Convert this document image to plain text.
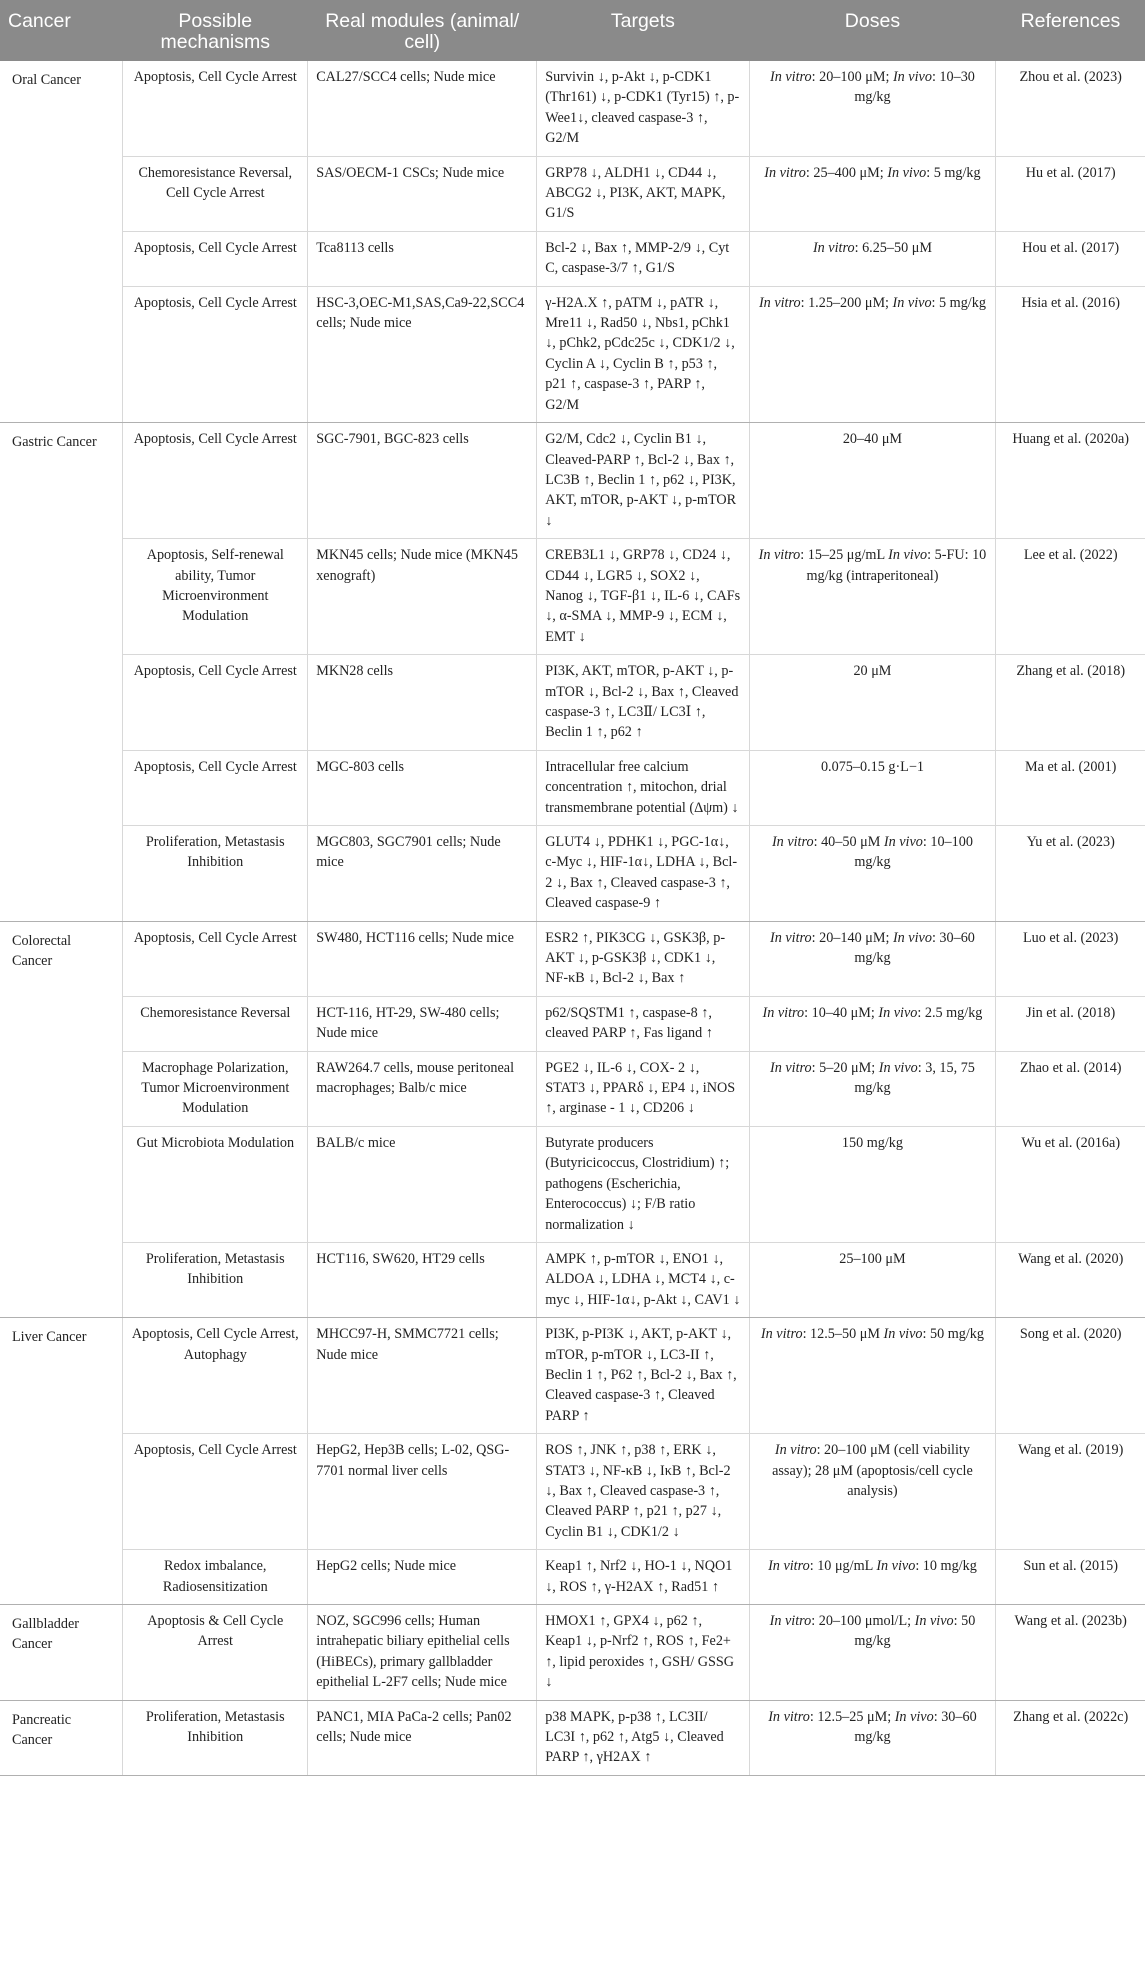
Cancer	Possible mechanisms	Real modules (animal/ cell)	Targets	Doses	References
Oral Cancer	Apoptosis, Cell Cycle Arrest	CAL27/SCC4 cells; Nude mice	Survivin ↓, p-Akt ↓, p-CDK1 (Thr161) ↓, p-CDK1 (Tyr15) ↑, p-Wee1↓, cleaved caspase-3 ↑, G2/M	In vitro: 20–100 μM; In vivo: 10–30 mg/kg	Zhou et al. (2023)
	Chemoresistance Reversal, Cell Cycle Arrest	SAS/OECM-1 CSCs; Nude mice	GRP78 ↓, ALDH1 ↓, CD44 ↓, ABCG2 ↓, PI3K, AKT, MAPK, G1/S	In vitro: 25–400 μM; In vivo: 5 mg/kg	Hu et al. (2017)
	Apoptosis, Cell Cycle Arrest	Tca8113 cells	Bcl-2 ↓, Bax ↑, MMP-2/9 ↓, Cyt C, caspase-3/7 ↑, G1/S	In vitro: 6.25–50 μM	Hou et al. (2017)
	Apoptosis, Cell Cycle Arrest	HSC-3,OEC-M1,SAS,Ca9-22,SCC4 cells; Nude mice	γ-H2A.X ↑, pATM ↓, pATR ↓, Mre11 ↓, Rad50 ↓, Nbs1, pChk1 ↓, pChk2, pCdc25c ↓, CDK1/2 ↓, Cyclin A ↓, Cyclin B ↑, p53 ↑, p21 ↑, caspase-3 ↑, PARP ↑, G2/M	In vitro: 1.25–200 μM; In vivo: 5 mg/kg	Hsia et al. (2016)
Gastric Cancer	Apoptosis, Cell Cycle Arrest	SGC-7901, BGC-823 cells	G2/M, Cdc2 ↓, Cyclin B1 ↓, Cleaved-PARP ↑, Bcl-2 ↓, Bax ↑, LC3B ↑, Beclin 1 ↑, p62 ↓, PI3K, AKT, mTOR, p-AKT ↓, p-mTOR ↓	20–40 μM	Huang et al. (2020a)
	Apoptosis, Self-renewal ability, Tumor Microenvironment Modulation	MKN45 cells; Nude mice (MKN45 xenograft)	CREB3L1 ↓, GRP78 ↓, CD24 ↓, CD44 ↓, LGR5 ↓, SOX2 ↓, Nanog ↓, TGF-β1 ↓, IL-6 ↓, CAFs ↓, α-SMA ↓, MMP-9 ↓, ECM ↓, EMT ↓	In vitro: 15–25 μg/mL In vivo: 5-FU: 10 mg/kg (intraperitoneal)	Lee et al. (2022)
	Apoptosis, Cell Cycle Arrest	MKN28 cells	PI3K, AKT, mTOR, p-AKT ↓, p-mTOR ↓, Bcl-2 ↓, Bax ↑, Cleaved caspase-3 ↑, LC3Ⅱ/ LC3Ⅰ ↑, Beclin 1 ↑, p62 ↑	20 μM	Zhang et al. (2018)
	Apoptosis, Cell Cycle Arrest	MGC-803 cells	Intracellular free calcium concentration ↑, mitochon, drial transmembrane potential (Δψm) ↓	0.075–0.15 g·L−1	Ma et al. (2001)
	Proliferation, Metastasis Inhibition	MGC803, SGC7901 cells; Nude mice	GLUT4 ↓, PDHK1 ↓, PGC-1α↓, c-Myc ↓, HIF-1α↓, LDHA ↓, Bcl-2 ↓, Bax ↑, Cleaved caspase-3 ↑, Cleaved caspase-9 ↑	In vitro: 40–50 μM In vivo: 10–100 mg/kg	Yu et al. (2023)
Colorectal Cancer	Apoptosis, Cell Cycle Arrest	SW480, HCT116 cells; Nude mice	ESR2 ↑, PIK3CG ↓, GSK3β, p-AKT ↓, p-GSK3β ↓, CDK1 ↓, NF-κB ↓, Bcl-2 ↓, Bax ↑	In vitro: 20–140 μM; In vivo: 30–60 mg/kg	Luo et al. (2023)
	Chemoresistance Reversal	HCT-116, HT-29, SW-480 cells; Nude mice	p62/SQSTM1 ↑, caspase-8 ↑, cleaved PARP ↑, Fas ligand ↑	In vitro: 10–40 μM; In vivo: 2.5 mg/kg	Jin et al. (2018)
	Macrophage Polarization, Tumor Microenvironment Modulation	RAW264.7 cells, mouse peritoneal macrophages; Balb/c mice	PGE2 ↓, IL-6 ↓, COX- 2 ↓, STAT3 ↓, PPARδ ↓, EP4 ↓, iNOS ↑, arginase - 1 ↓, CD206 ↓	In vitro: 5–20 μM; In vivo: 3, 15, 75 mg/kg	Zhao et al. (2014)
	Gut Microbiota Modulation	BALB/c mice	Butyrate producers (Butyricicoccus, Clostridium) ↑; pathogens (Escherichia, Enterococcus) ↓; F/B ratio normalization ↓	150 mg/kg	Wu et al. (2016a)
	Proliferation, Metastasis Inhibition	HCT116, SW620, HT29 cells	AMPK ↑, p-mTOR ↓, ENO1 ↓, ALDOA ↓, LDHA ↓, MCT4 ↓, c-myc ↓, HIF-1α↓, p-Akt ↓, CAV1 ↓	25–100 μM	Wang et al. (2020)
Liver Cancer	Apoptosis, Cell Cycle Arrest, Autophagy	MHCC97-H, SMMC7721 cells; Nude mice	PI3K, p-PI3K ↓, AKT, p-AKT ↓, mTOR, p-mTOR ↓, LC3-II ↑, Beclin 1 ↑, P62 ↑, Bcl-2 ↓, Bax ↑, Cleaved caspase-3 ↑, Cleaved PARP ↑	In vitro: 12.5–50 μM In vivo: 50 mg/kg	Song et al. (2020)
	Apoptosis, Cell Cycle Arrest	HepG2, Hep3B cells; L-02, QSG-7701 normal liver cells	ROS ↑, JNK ↑, p38 ↑, ERK ↓, STAT3 ↓, NF-κB ↓, IκB ↑, Bcl-2 ↓, Bax ↑, Cleaved caspase-3 ↑, Cleaved PARP ↑, p21 ↑, p27 ↓, Cyclin B1 ↓, CDK1/2 ↓	In vitro: 20–100 μM (cell viability assay); 28 μM (apoptosis/cell cycle analysis)	Wang et al. (2019)
	Redox imbalance, Radiosensitization	HepG2 cells; Nude mice	Keap1 ↑, Nrf2 ↓, HO-1 ↓, NQO1 ↓, ROS ↑, γ-H2AX ↑, Rad51 ↑	In vitro: 10 μg/mL In vivo: 10 mg/kg	Sun et al. (2015)
Gallbladder Cancer	Apoptosis & Cell Cycle Arrest	NOZ, SGC996 cells; Human intrahepatic biliary epithelial cells (HiBECs), primary gallbladder epithelial L-2F7 cells; Nude mice	HMOX1 ↑, GPX4 ↓, p62 ↑, Keap1 ↓, p-Nrf2 ↑, ROS ↑, Fe2+ ↑, lipid peroxides ↑, GSH/ GSSG ↓	In vitro: 20–100 μmol/L; In vivo: 50 mg/kg	Wang et al. (2023b)
Pancreatic Cancer	Proliferation, Metastasis Inhibition	PANC1, MIA PaCa-2 cells; Pan02 cells; Nude mice	p38 MAPK, p-p38 ↑, LC3II/ LC3I ↑, p62 ↑, Atg5 ↓, Cleaved PARP ↑, γH2AX ↑	In vitro: 12.5–25 μM; In vivo: 30–60 mg/kg	Zhang et al. (2022c)
